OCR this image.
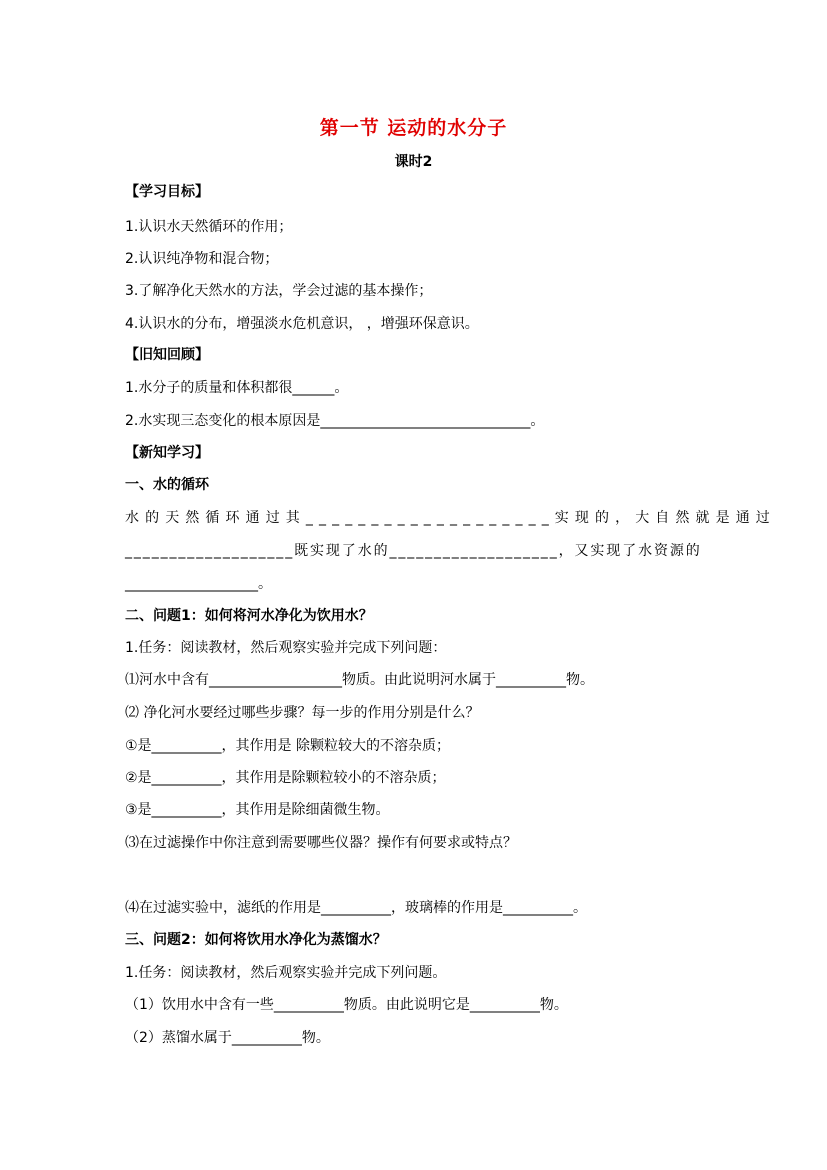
第一节 运动的水分子
课时2
【学习目标】
1.认识水天然循环的作用；
2.认识纯净物和混合物；
3.了解净化天然水的方法，学会过滤的基本操作；
4.认识水的分布，增强淡水危机意识， ，增强环保意识。
【旧知回顾】
1.水分子的质量和体积都很______。
2.水实现三态变化的根本原因是______________________________。
【新知学习】
一、水的循环
水的天然循环通过其___________________实现的，大自然就是通过
___________________既实现了水的___________________，又实现了水资源的
___________________。
二、问题1：如何将河水净化为饮用水？
1.任务：阅读教材，然后观察实验并完成下列问题：
⑴河水中含有___________________物质。由此说明河水属于__________物。
⑵ 净化河水要经过哪些步骤？每一步的作用分别是什么？
①是__________，其作用是 除颗粒较大的不溶杂质；
②是__________，其作用是除颗粒较小的不溶杂质；
③是__________，其作用是除细菌微生物。
⑶在过滤操作中你注意到需要哪些仪器？操作有何要求或特点？
⑷在过滤实验中，滤纸的作用是__________，玻璃棒的作用是__________。
三、问题2：如何将饮用水净化为蒸馏水？
1.任务：阅读教材，然后观察实验并完成下列问题。
（1）饮用水中含有一些__________物质。由此说明它是__________物。
（2）蒸馏水属于__________物。
